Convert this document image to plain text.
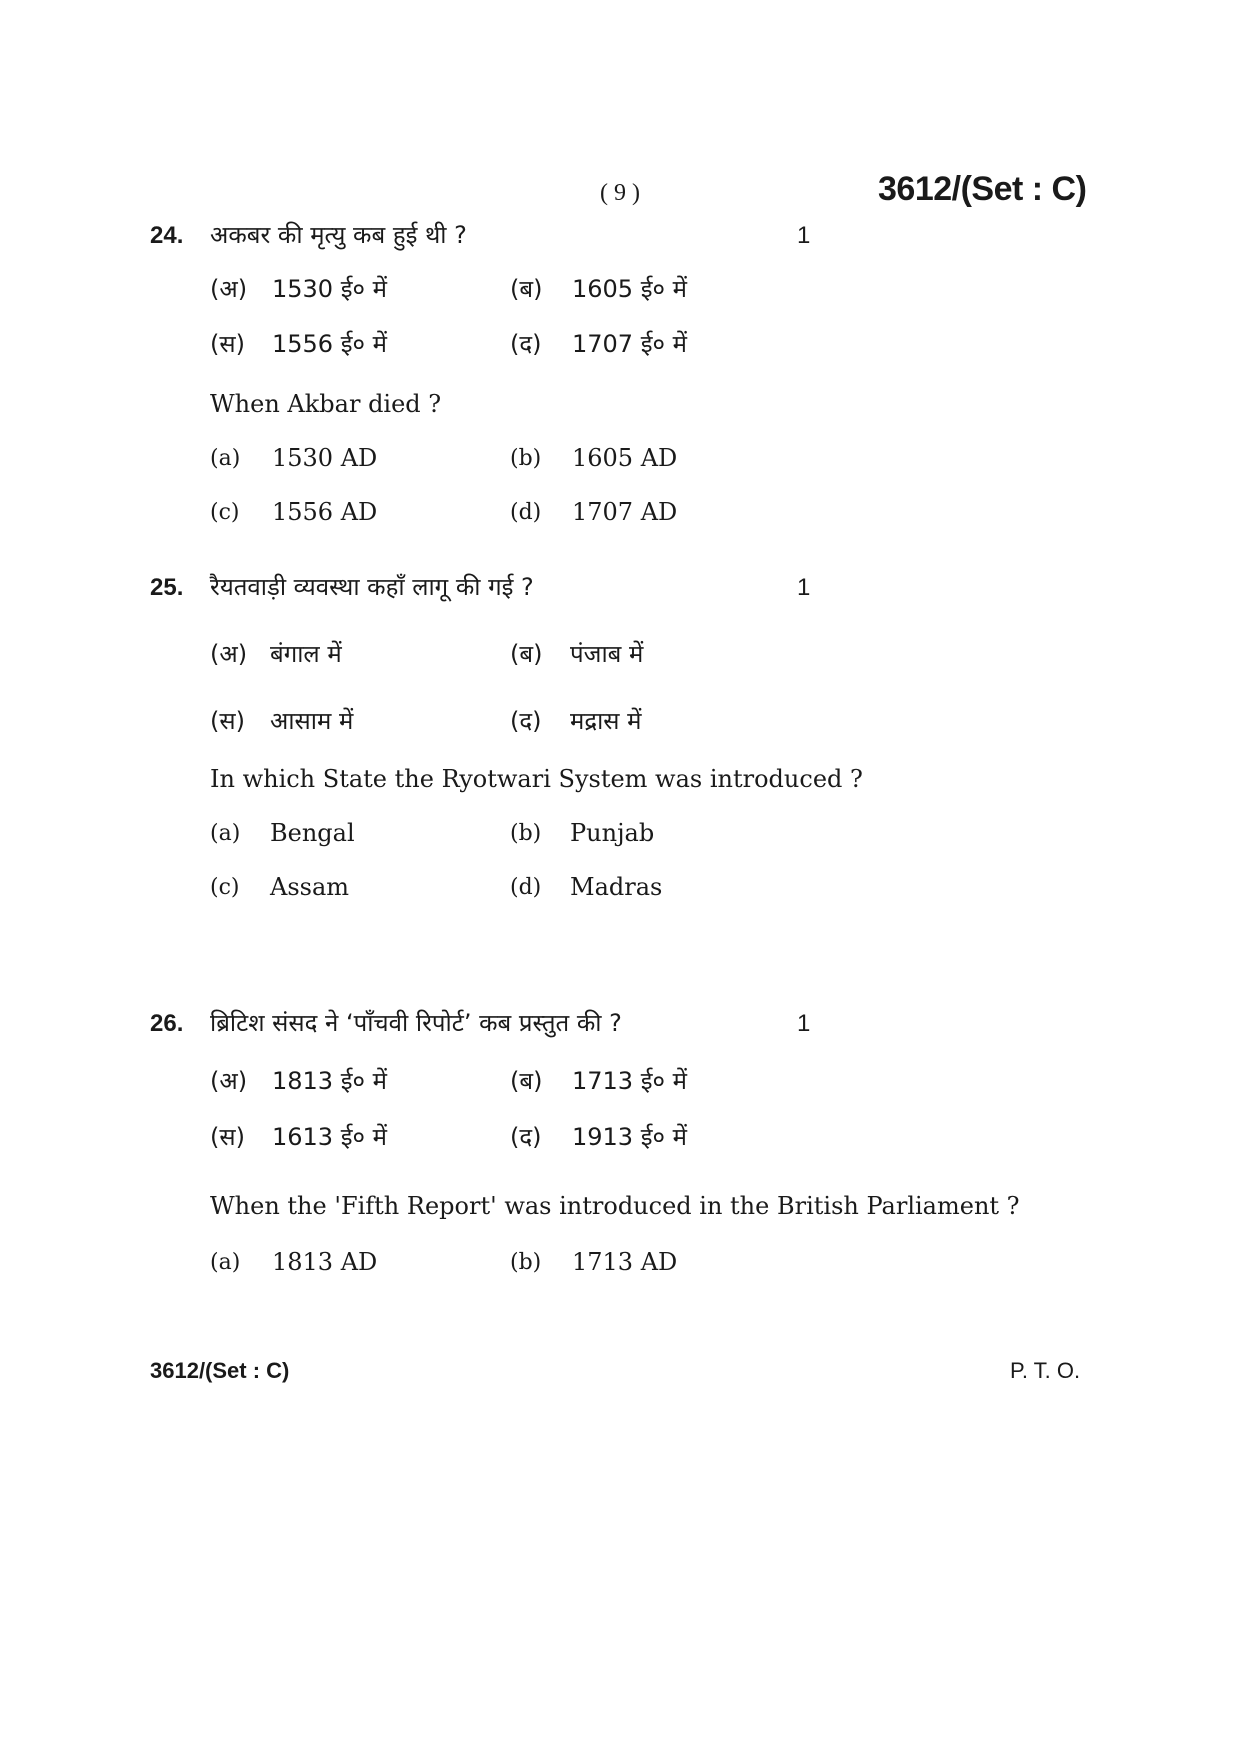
( 9 )	3612/(Set : C)
24. अकबर की मृत्यु कब हुई थी ?	1
(अ) 1530 ई० में	(ब) 1605 ई० में
(स) 1556 ई० में	(द) 1707 ई० में
When Akbar died ?
(a) 1530 AD	(b) 1605 AD
(c) 1556 AD	(d) 1707 AD
25. रैयतवाड़ी व्यवस्था कहाँ लागू की गई ?	1
(अ) बंगाल में	(ब) पंजाब में
(स) आसाम में	(द) मद्रास में
In which State the Ryotwari System was introduced ?
(a) Bengal	(b) Punjab
(c) Assam	(d) Madras
26. ब्रिटिश संसद ने ‘पाँचवी रिपोर्ट’ कब प्रस्तुत की ?	1
(अ) 1813 ई० में	(ब) 1713 ई० में
(स) 1613 ई० में	(द) 1913 ई० में
When the 'Fifth Report' was introduced in the British Parliament ?
(a) 1813 AD	(b) 1713 AD
3612/(Set : C)	P. T. O.
